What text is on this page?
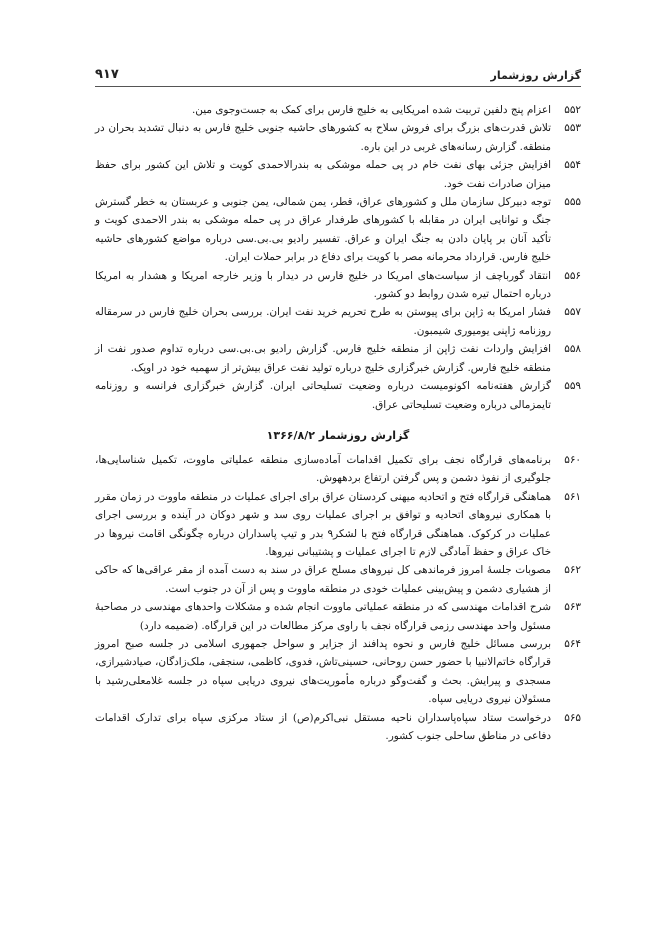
گزارش روزشمار
۹۱۷
۵۵۲
اعزام پنج دلفین تربیت شده امریکایی به خلیج فارس برای کمک به جست‌وجوی مین.
۵۵۳
تلاش قدرت‌های بزرگ برای فروش سلاح به کشورهای حاشیه جنوبی خلیج فارس به دنبال تشدید بحران در منطقه. گزارش رسانه‌های غربی در این باره.
۵۵۴
افزایش جزئی بهای نفت خام در پی حمله موشکی به بندرالاحمدی کویت و تلاش این کشور برای حفظ میزان صادرات نفت خود.
۵۵۵
توجه دبیرکل سازمان ملل و کشورهای عراق، قطر، یمن شمالی، یمن جنوبی و عربستان به خطر گسترش جنگ و توانایی ایران در مقابله با کشورهای طرفدار عراق در پی حمله موشکی به بندر الاحمدی کویت و تأکید آنان بر پایان دادن به جنگ ایران و عراق. تفسیر رادیو بی.بی.سی درباره مواضع کشورهای حاشیه خلیج فارس. قرارداد محرمانه مصر با کویت برای دفاع در برابر حملات ایران.
۵۵۶
انتقاد گورباچف از سیاست‌های امریکا در خلیج فارس در دیدار با وزیر خارجه امریکا و هشدار به امریکا درباره احتمال تیره شدن روابط دو کشور.
۵۵۷
فشار امریکا به ژاپن برای پیوستن به طرح تحریم خرید نفت ایران. بررسی بحران خلیج فارس در سرمقاله روزنامه ژاپنی یومیوری شیمبون.
۵۵۸
افزایش واردات نفت ژاپن از منطقه خلیج فارس. گزارش رادیو بی.بی.سی درباره تداوم صدور نفت از منطقه خلیج فارس. گزارش خبرگزاری خلیج درباره تولید نفت عراق بیش‌تر از سهمیه خود در اوپک.
۵۵۹
گزارش هفته‌نامه اکونومیست درباره وضعیت تسلیحاتی ایران. گزارش خبرگزاری فرانسه و روزنامه تایمزمالی درباره وضعیت تسلیحاتی عراق.
گزارش روزشمار ۱۳۶۶/۸/۲
۵۶۰
برنامه‌های قرارگاه نجف برای تکمیل اقدامات آماده‌سازی منطقه عملیاتی ماووت، تکمیل شناسایی‌ها، جلوگیری از نفوذ دشمن و پس گرفتن ارتفاع بردههوش.
۵۶۱
هماهنگی قرارگاه فتح و اتحادیه میهنی کردستان عراق برای اجرای عملیات در منطقه ماووت در زمان مقرر با همکاری نیروهای اتحادیه و توافق بر اجرای عملیات روی سد و شهر دوکان در آینده و بررسی اجرای عملیات در کرکوک. هماهنگی قرارگاه فتح با لشکر۹ بدر و تیپ پاسداران درباره چگونگی اقامت نیروها در خاک عراق و حفظ آمادگی لازم تا اجرای عملیات و پشتیبانی نیروها.
۵۶۲
مصوبات جلسهٔ امروز فرماندهی کل نیروهای مسلح عراق در سند به دست آمده از مقر عراقی‌ها که حاکی از هشیاری دشمن و پیش‌بینی عملیات خودی در منطقه ماووت و پس از آن در جنوب است.
۵۶۳
شرح اقدامات مهندسی که در منطقه عملیاتی ماووت انجام شده و مشکلات واحدهای مهندسی در مصاحبهٔ مسئول واحد مهندسی رزمی قرارگاه نجف با راوی مرکز مطالعات در این قرارگاه. (ضمیمه دارد)
۵۶۴
بررسی مسائل خلیج فارس و نحوه پدافند از جزایر و سواحل جمهوری اسلامی در جلسه صبح امروز قرارگاه خاتم‌الانبیا با حضور حسن روحانی، حسینی‌تاش، فدوی، کاظمی، سنجقی، ملک‌زادگان، صیادشیرازی، مسجدی و پیرایش. بحث و گفت‌وگو درباره مأموریت‌های نیروی دریایی سپاه در جلسه غلامعلی‌رشید با مسئولان نیروی دریایی سپاه.
۵۶۵
درخواست ستاد سپاه‌پاسداران ناحیه مستقل نبی‌اکرم(ص) از ستاد مرکزی سپاه برای تدارک اقدامات دفاعی در مناطق ساحلی جنوب کشور.
